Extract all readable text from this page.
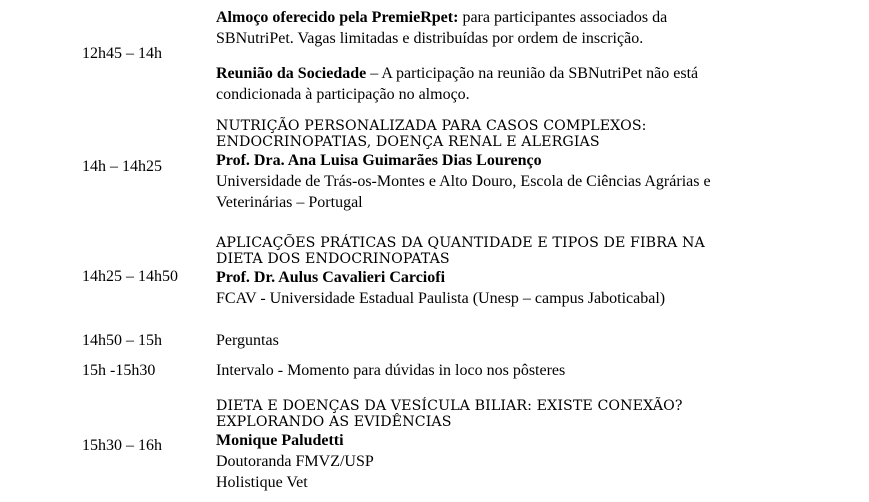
12h45 – 14h

Almoço oferecido pela PremieRpet: para participantes associados da

SBNutriPet. Vagas limitadas e distribuídas por ordem de inscrição.

Reunião da Sociedade – A participação na reunião da SBNutriPet não está

condicionada à participação no almoço.

14h – 14h25

NUTRIÇÃO PERSONALIZADA PARA CASOS COMPLEXOS:

ENDOCRINOPATIAS, DOENÇA RENAL E ALERGIAS

Prof. Dra. Ana Luisa Guimarães Dias Lourenço

Universidade de Trás-os-Montes e Alto Douro, Escola de Ciências Agrárias e

Veterinárias – Portugal

14h25 – 14h50

APLICAÇÕES PRÁTICAS DA QUANTIDADE E TIPOS DE FIBRA NA

DIETA DOS ENDOCRINOPATAS

Prof. Dr. Aulus Cavalieri Carciofi

FCAV - Universidade Estadual Paulista (Unesp – campus Jaboticabal)

14h50 – 15h	Perguntas

15h -15h30	Intervalo - Momento para dúvidas in loco nos pôsteres

15h30 – 16h

DIETA E DOENÇAS DA VESÍCULA BILIAR: EXISTE CONEXÃO?

EXPLORANDO AS EVIDÊNCIAS

Monique Paludetti

Doutoranda FMVZ/USP

Holistique Vet
